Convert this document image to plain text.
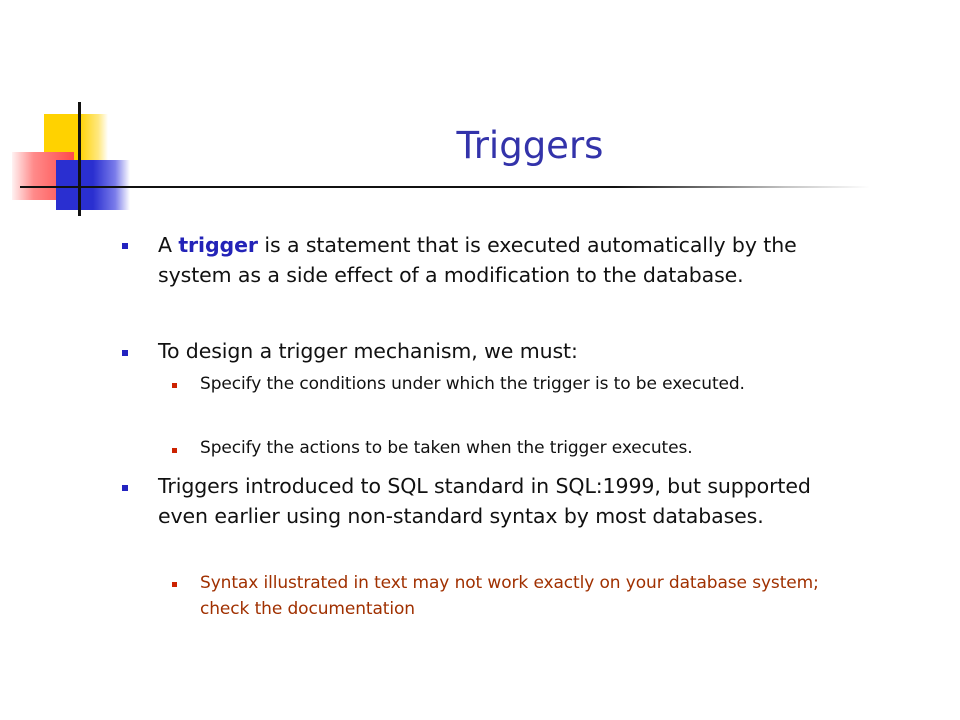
Triggers
A trigger is a statement that is executed automatically by the system as a side effect of a modification to the database.
To design a trigger mechanism, we must:
Specify the conditions under which the trigger is to be executed.
Specify the actions to be taken when the trigger executes.
Triggers introduced to SQL standard in SQL:1999, but supported even earlier using non-standard syntax by most databases.
Syntax illustrated in text may not work exactly on your database system; check the documentation
